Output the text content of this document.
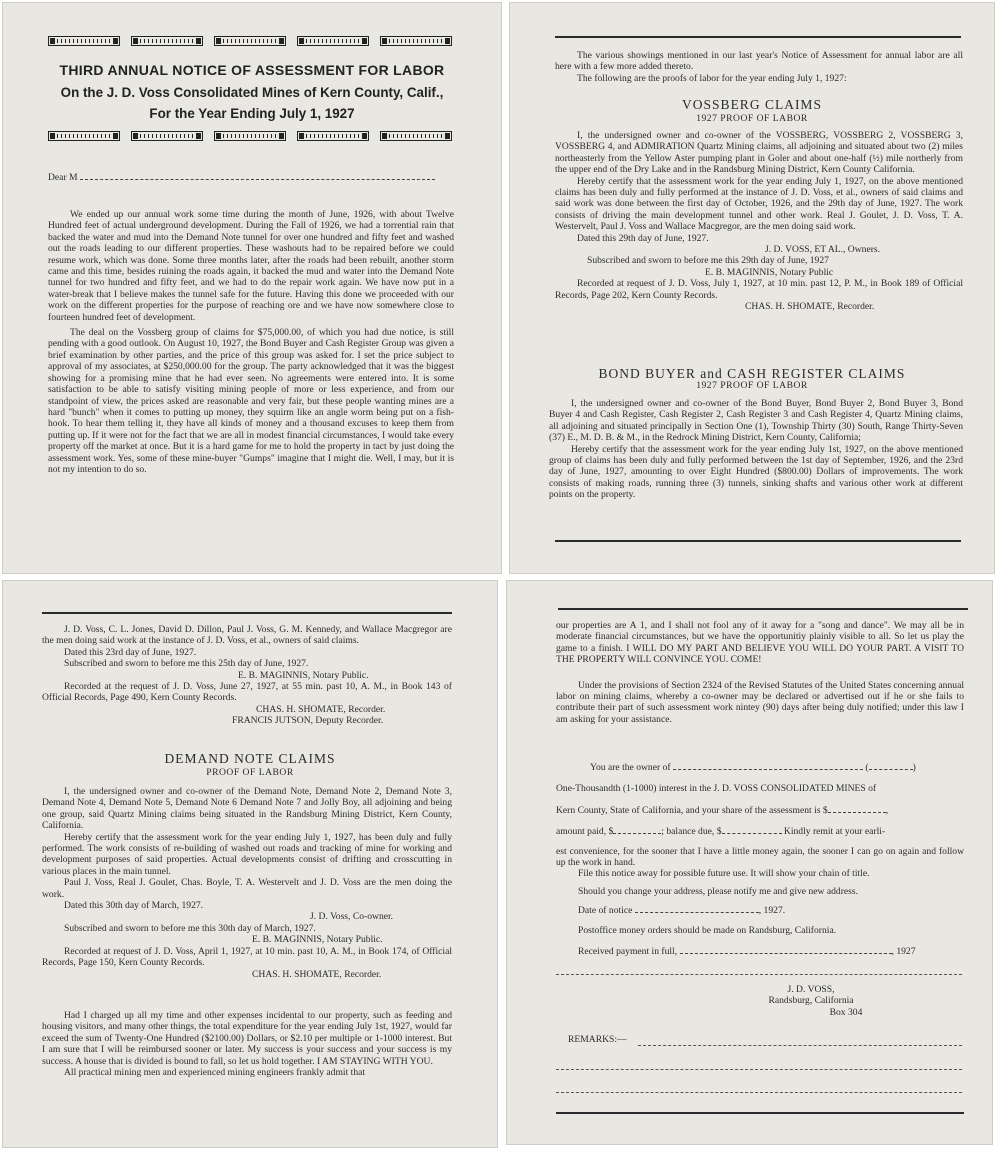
THIRD ANNUAL NOTICE OF ASSESSMENT FOR LABOR
On the J. D. Voss Consolidated Mines of Kern County, Calif.,
For the Year Ending July 1, 1927
Dear M

We ended up our annual work some time during the month of June, 1926, with about Twelve Hundred feet of actual underground development. During the Fall of 1926, we had a torrential rain that backed the water and mud into the Demand Note tunnel for over one hundred and fifty feet and washed out the roads leading to our different properties. These washouts had to be repaired before we could resume work, which was done. Some three months later, after the roads had been rebuilt, another storm came and this time, besides ruining the roads again, it backed the mud and water into the Demand Note tunnel for two hundred and fifty feet, and we had to do the repair work again. We have now put in a water-break that I believe makes the tunnel safe for the future. Having this done we proceeded with our work on the different properties for the purpose of reaching ore and we have now somewhere close to fourteen hundred feet of development.

The deal on the Vossberg group of claims for $75,000.00, of which you had due notice, is still pending with a good outlook. On August 10, 1927, the Bond Buyer and Cash Register Group was given a brief examination by other parties, and the price of this group was asked for. I set the price subject to approval of my associates, at $250,000.00 for the group. The party acknowledged that it was the biggest showing for a promising mine that he had ever seen. No agreements were entered into. It is some satisfaction to be able to satisfy visiting mining people of more or less experience, and from our standpoint of view, the prices asked are reasonable and very fair, but these people wanting mines are a hard "bunch" when it comes to putting up money, they squirm like an angle worm being put on a fish-hook. To hear them telling it, they have all kinds of money and a thousand excuses to keep them from putting up. If it were not for the fact that we are all in modest financial circumstances, I would take every property off the market at once. But it is a hard game for me to hold the property in tact by just doing the assessment work. Yes, some of these mine-buyer "Gumps" imagine that I might die. Well, I may, but it is not my intention to do so.

The various showings mentioned in our last year's Notice of Assessment for annual labor are all here with a few more added thereto.

The following are the proofs of labor for the year ending July 1, 1927:

VOSSBERG CLAIMS
1927 PROOF OF LABOR

I, the undersigned owner and co-owner of the VOSSBERG, VOSSBERG 2, VOSSBERG 3, VOSSBERG 4, and ADMIRATION Quartz Mining claims, all adjoining and situated about two (2) miles northeasterly from the Yellow Aster pumping plant in Goler and about one-half (½) mile northerly from the upper end of the Dry Lake and in the Randsburg Mining District, Kern County California.

Hereby certify that the assessment work for the year ending July 1, 1927, on the above mentioned claims has been duly and fully performed at the instance of J. D. Voss, et al., owners of said claims and said work was done between the first day of October, 1926, and the 29th day of June, 1927. The work consists of driving the main development tunnel and other work. Real J. Goulet, J. D. Voss, T. A. Westervelt, Paul J. Voss and Wallace Macgregor, are the men doing said work.

Dated this 29th day of June, 1927.

J. D. VOSS, ET AL., Owners.

Subscribed and sworn to before me this 29th day of June, 1927

E. B. MAGINNIS, Notary Public

Recorded at request of J. D. Voss, July 1, 1927, at 10 min. past 12, P. M., in Book 189 of Official Records, Page 202, Kern County Records.

CHAS. H. SHOMATE, Recorder.

BOND BUYER and CASH REGISTER CLAIMS
1927 PROOF OF LABOR

I, the undersigned owner and co-owner of the Bond Buyer, Bond Buyer 2, Bond Buyer 3, Bond Buyer 4 and Cash Register, Cash Register 2, Cash Register 3 and Cash Register 4, Quartz Mining claims, all adjoining and situated principally in Section One (1), Township Thirty (30) South, Range Thirty-Seven (37) E., M. D. B. & M., in the Redrock Mining District, Kern County, California;

Hereby certify that the assessment work for the year ending July 1st, 1927, on the above mentioned group of claims has been duly and fully performed between the 1st day of September, 1926, and the 23rd day of June, 1927, amounting to over Eight Hundred ($800.00) Dollars of improvements. The work consists of making roads, running three (3) tunnels, sinking shafts and various other work at different points on the property.

J. D. Voss, C. L. Jones, David D. Dillon, Paul J. Voss, G. M. Kennedy, and Wallace Macgregor are the men doing said work at the instance of J. D. Voss, et al., owners of said claims.

Dated this 23rd day of June, 1927.

Subscribed and sworn to before me this 25th day of June, 1927.

E. B. MAGINNIS, Notary Public.

Recorded at the request of J. D. Voss, June 27, 1927, at 55 min. past 10, A. M., in Book 143 of Official Records, Page 490, Kern County Records.

CHAS. H. SHOMATE, Recorder.

FRANCIS JUTSON, Deputy Recorder.

DEMAND NOTE CLAIMS
PROOF OF LABOR

I, the undersigned owner and co-owner of the Demand Note, Demand Note 2, Demand Note 3, Demand Note 4, Demand Note 5, Demand Note 6 Demand Note 7 and Jolly Boy, all adjoining and being one group, said Quartz Mining claims being situated in the Randsburg Mining District, Kern County, California.

Hereby certify that the assessment work for the year ending July 1, 1927, has been duly and fully performed. The work consists of re-building of washed out roads and tracking of mine for working and development purposes of said properties. Actual developments consist of drifting and crosscutting in various places in the main tunnel.

Paul J. Voss, Real J. Goulet, Chas. Boyle, T. A. Westervelt and J. D. Voss are the men doing the work.

Dated this 30th day of March, 1927.

J. D. Voss, Co-owner.

Subscribed and sworn to before me this 30th day of March, 1927.

E. B. MAGINNIS, Notary Public.

Recorded at request of J. D. Voss, April 1, 1927, at 10 min. past 10, A. M., in Book 174, of Official Records, Page 150, Kern County Records.

CHAS. H. SHOMATE, Recorder.

Had I charged up all my time and other expenses incidental to our property, such as feeding and housing visitors, and many other things, the total expenditure for the year ending July 1st, 1927, would far exceed the sum of Twenty-One Hundred ($2100.00) Dollars, or $2.10 per multiple or 1-1000 interest. But I am sure that I will be reimbursed sooner or later. My success is your success and your success is my success. A house that is divided is bound to fall, so let us hold together. I AM STAYING WITH YOU.

All practical mining men and experienced mining engineers frankly admit that

our properties are A 1, and I shall not fool any of it away for a "song and dance". We may all be in moderate financial circumstances, but we have the opportunitiy plainly visible to all. So let us play the game to a finish. I WILL DO MY PART AND BELIEVE YOU WILL DO YOUR PART. A VISIT TO THE PROPERTY WILL CONVINCE YOU. COME!

Under the provisions of Section 2324 of the Revised Statutes of the United States concerning annual labor on mining claims, whereby a co-owner may be declared or advertised out if he or she fails to contribute their part of such assessment work nintey (90) days after being duly notified; under this law I am asking for your assistance.

You are the owner of	(	)

One-Thousandth (1-1000) interest in the J. D. VOSS CONSOLIDATED MINES of

Kern County, State of California, and your share of the assessment is $	,

amount paid, $	; balance due, $	Kindly remit at your earli-

est convenience, for the sooner that I have a little money again, the sooner I can go on again and follow up the work in hand.

File this notice away for possible future use. It will show your chain of title.

Should you change your address, please notify me and give new address.

Date of notice	, 1927.

Postoffice money orders should be made on Randsburg, California.

Received payment in full,	, 1927

J. D. VOSS,

Randsburg, California

Box 304

REMARKS:—
